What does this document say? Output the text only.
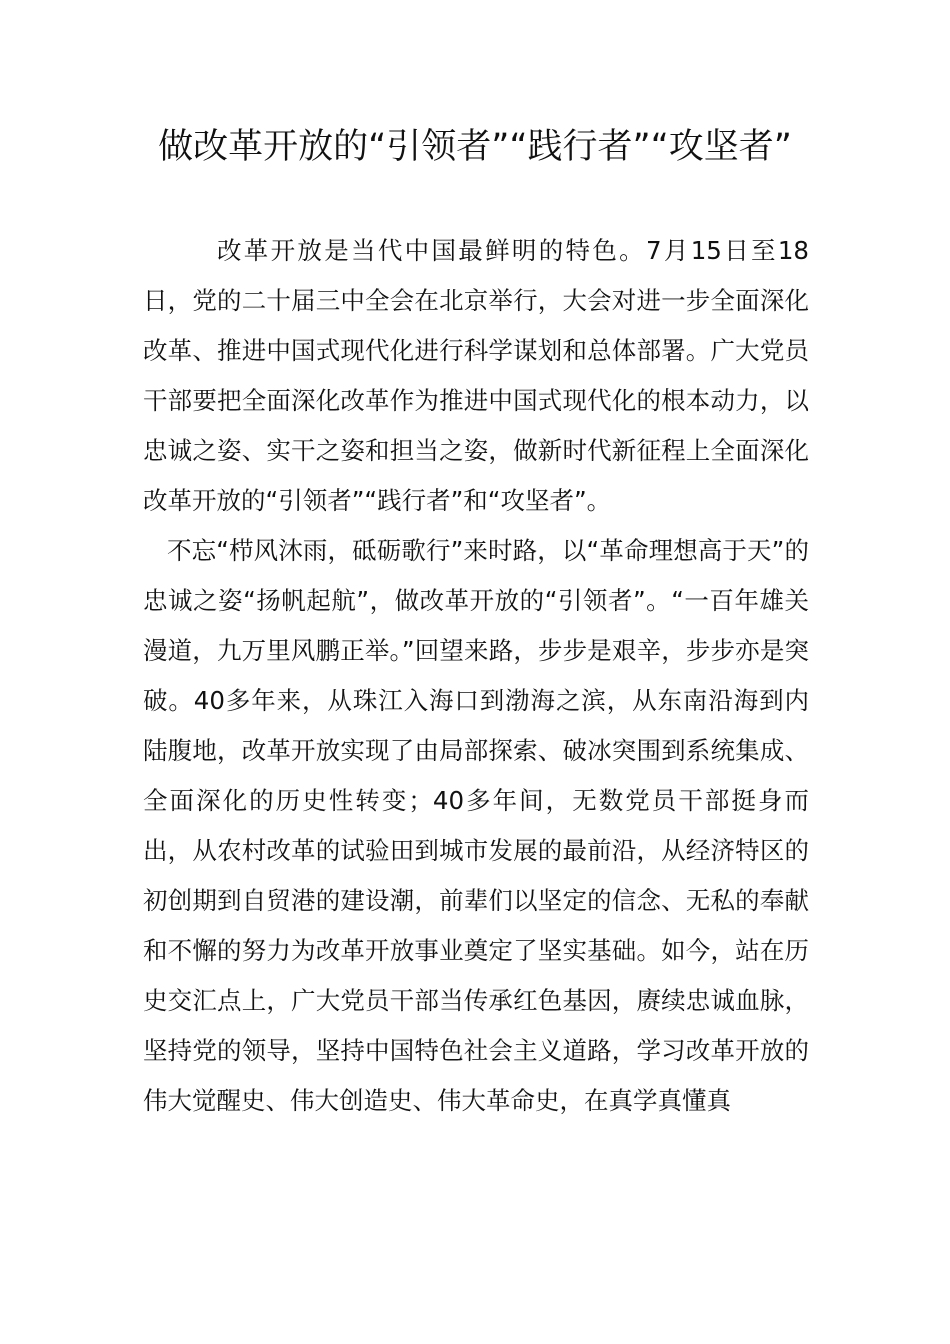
做改革开放的“引领者”“践行者”“攻坚者”

改革开放是当代中国最鲜明的特色。7月15日至18日，党的二十届三中全会在北京举行，大会对进一步全面深化改革、推进中国式现代化进行科学谋划和总体部署。广大党员干部要把全面深化改革作为推进中国式现代化的根本动力，以忠诚之姿、实干之姿和担当之姿，做新时代新征程上全面深化改革开放的“引领者”“践行者”和“攻坚者”。

不忘“栉风沐雨，砥砺歌行”来时路，以“革命理想高于天”的忠诚之姿“扬帆起航”，做改革开放的“引领者”。“一百年雄关漫道，九万里风鹏正举。”回望来路，步步是艰辛，步步亦是突破。40多年来，从珠江入海口到渤海之滨，从东南沿海到内陆腹地，改革开放实现了由局部探索、破冰突围到系统集成、全面深化的历史性转变；40多年间，无数党员干部挺身而出，从农村改革的试验田到城市发展的最前沿，从经济特区的初创期到自贸港的建设潮，前辈们以坚定的信念、无私的奉献和不懈的努力为改革开放事业奠定了坚实基础。如今，站在历史交汇点上，广大党员干部当传承红色基因，赓续忠诚血脉，坚持党的领导，坚持中国特色社会主义道路，学习改革开放的伟大觉醒史、伟大创造史、伟大革命史，在真学真懂真
